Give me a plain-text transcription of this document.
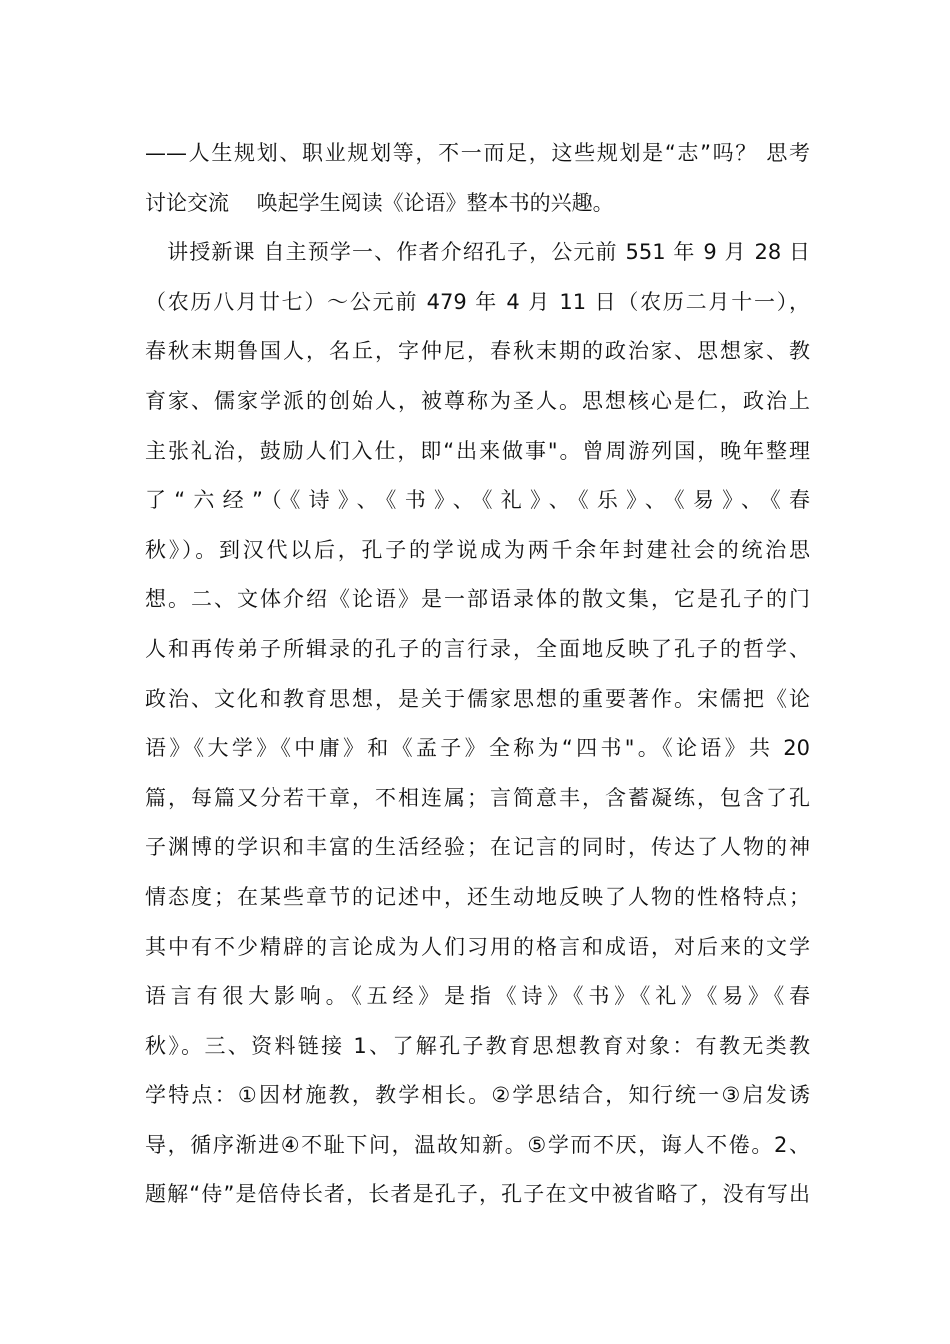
——人生规划、职业规划等，不一而足，这些规划是“志”吗？ 思考
讨论交流　 唤起学生阅读《论语》整本书的兴趣。
　讲授新课 自主预学一、作者介绍孔子，公元前 551 年 9 月 28 日
（农历八月廿七）～公元前 479 年 4 月 11 日（农历二月十一），
春秋末期鲁国人，名丘，字仲尼，春秋末期的政治家、思想家、教
育家、儒家学派的创始人，被尊称为圣人。思想核心是仁，政治上
主张礼治，鼓励人们入仕，即“出来做事"。曾周游列国，晚年整理
了“六经”（《诗》、《书》、《礼》、《乐》、《易》、《春
秋》）。到汉代以后，孔子的学说成为两千余年封建社会的统治思
想。二、文体介绍《论语》是一部语录体的散文集，它是孔子的门
人和再传弟子所辑录的孔子的言行录，全面地反映了孔子的哲学、
政治、文化和教育思想，是关于儒家思想的重要著作。宋儒把《论
语》《大学》《中庸》和《孟子》全称为“四书"。《论语》共 20
篇，每篇又分若干章，不相连属；言简意丰，含蓄凝练，包含了孔
子渊博的学识和丰富的生活经验；在记言的同时，传达了人物的神
情态度；在某些章节的记述中，还生动地反映了人物的性格特点；
其中有不少精辟的言论成为人们习用的格言和成语，对后来的文学
语言有很大影响。《五经》是指《诗》《书》《礼》《易》《春
秋》。三、资料链接 1、了解孔子教育思想教育对象：有教无类教
学特点：①因材施教，教学相长。②学思结合，知行统一③启发诱
导，循序渐进④不耻下问，温故知新。⑤学而不厌，诲人不倦。2、
题解“侍”是倍侍长者，长者是孔子，孔子在文中被省略了，没有写出
